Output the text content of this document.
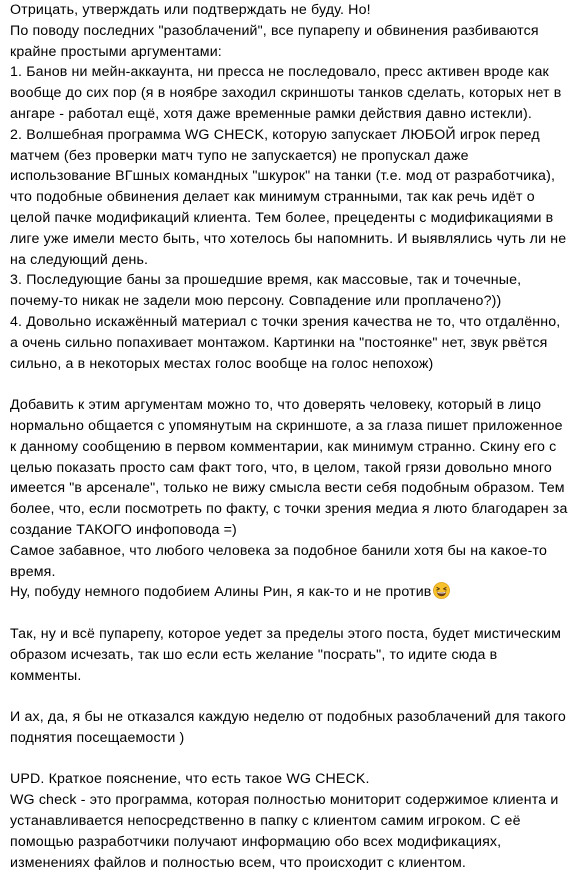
Отрицать, утверждать или подтверждать не буду. Но!
По поводу последних "разоблачений", все пупарепу и обвинения разбиваются
крайне простыми аргументами:
1. Банов ни мейн-аккаунта, ни пресса не последовало, пресс активен вроде как
вообще до сих пор (я в ноябре заходил скриншоты танков сделать, которых нет в
ангаре - работал ещё, хотя даже временные рамки действия давно истекли).
2. Волшебная программа WG CHECK, которую запускает ЛЮБОЙ игрок перед
матчем (без проверки матч тупо не запускается) не пропускал даже
использование ВГшных командных "шкурок" на танки (т.е. мод от разработчика),
что подобные обвинения делает как минимум странными, так как речь идёт о
целой пачке модификаций клиента. Тем более, прецеденты с модификациями в
лиге уже имели место быть, что хотелось бы напомнить. И выявлялись чуть ли не
на следующий день.
3. Последующие баны за прошедшие время, как массовые, так и точечные,
почему-то никак не задели мою персону. Совпадение или проплачено?))
4. Довольно искажённый материал с точки зрения качества не то, что отдалённо,
а очень сильно попахивает монтажом. Картинки на "постоянке" нет, звук рвётся
сильно, а в некоторых местах голос вообще на голос непохож)
Добавить к этим аргументам можно то, что доверять человеку, который в лицо
нормально общается с упомянутым на скриншоте, а за глаза пишет приложенное
к данному сообщению в первом комментарии, как минимум странно. Скину его с
целью показать просто сам факт того, что, в целом, такой грязи довольно много
имеется "в арсенале", только не вижу смысла вести себя подобным образом. Тем
более, что, если посмотреть по факту, с точки зрения медиа я люто благодарен за
создание ТАКОГО инфоповода =)
Самое забавное, что любого человека за подобное банили хотя бы на какое-то
время.
Ну, побуду немного подобием Алины Рин, я как-то и не против
Так, ну и всё пупарепу, которое уедет за пределы этого поста, будет мистическим
образом исчезать, так шо если есть желание "посрать", то идите сюда в
комменты.
И ах, да, я бы не отказался каждую неделю от подобных разоблачений для такого
поднятия посещаемости )
UPD. Краткое пояснение, что есть такое WG CHECK.
WG check - это программа, которая полностью мониторит содержимое клиента и
устанавливается непосредственно в папку с клиентом самим игроком. С её
помощью разработчики получают информацию обо всех модификациях,
изменениях файлов и полностью всем, что происходит с клиентом.
